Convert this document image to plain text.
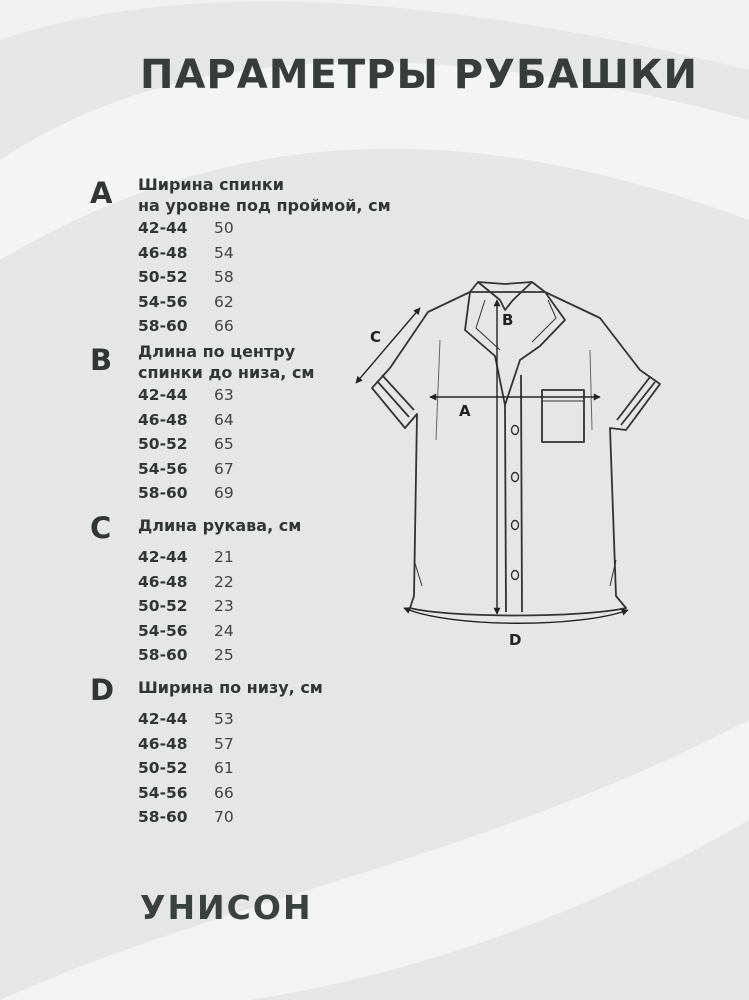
ПАРАМЕТРЫ РУБАШКИ
A	Ширина спинки
на уровне под проймой, см
42-44	50
46-48	54
50-52	58
54-56	62
58-60	66
B	Длина по центру
спинки до низа, см
42-44	63
46-48	64
50-52	65
54-56	67
58-60	69
C	Длина рукава, см
42-44	21
46-48	22
50-52	23
54-56	24
58-60	25
D	Ширина по низу, см
42-44	53
46-48	57
50-52	61
54-56	66
58-60	70
A
B
C
D
УНИСОН
